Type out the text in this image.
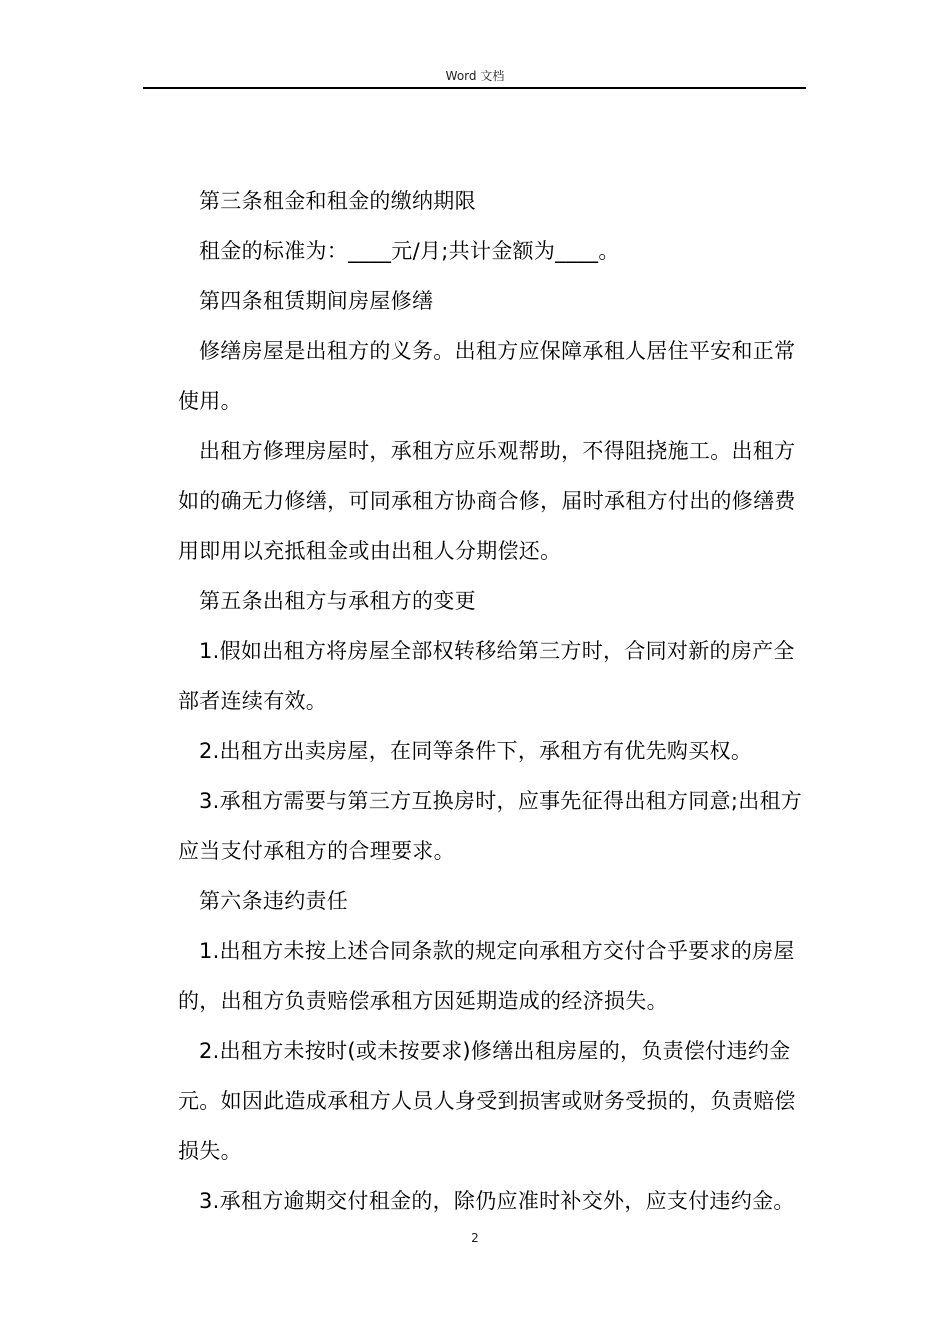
Word 文档

第三条租金和租金的缴纳期限

租金的标准为：____元/月;共计金额为____。

第四条租赁期间房屋修缮

修缮房屋是出租方的义务。出租方应保障承租人居住平安和正常使用。

出租方修理房屋时，承租方应乐观帮助，不得阻挠施工。出租方如的确无力修缮，可同承租方协商合修，届时承租方付出的修缮费用即用以充抵租金或由出租人分期偿还。

第五条出租方与承租方的变更

1.假如出租方将房屋全部权转移给第三方时，合同对新的房产全部者连续有效。

2.出租方出卖房屋，在同等条件下，承租方有优先购买权。

3.承租方需要与第三方互换房时，应事先征得出租方同意;出租方应当支付承租方的合理要求。

第六条违约责任

1.出租方未按上述合同条款的规定向承租方交付合乎要求的房屋的，出租方负责赔偿承租方因延期造成的经济损失。

2.出租方未按时(或未按要求)修缮出租房屋的，负责偿付违约金元。如因此造成承租方人员人身受到损害或财务受损的，负责赔偿损失。

3.承租方逾期交付租金的，除仍应准时补交外，应支付违约金。

2
